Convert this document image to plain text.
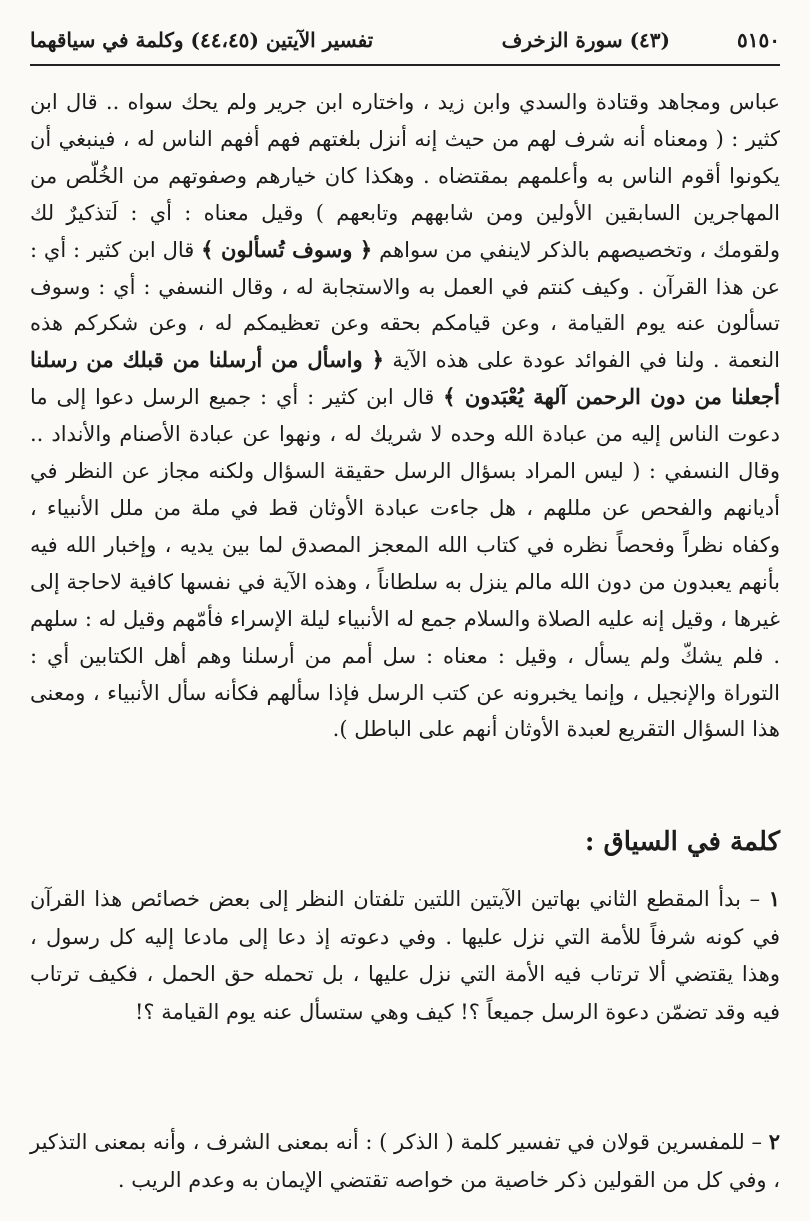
٥١٥٠
(٤٣) سورة الزخرف
تفسير الآيتين (٤٤،٤٥) وكلمة في سياقهما

عباس ومجاهد وقتادة والسدي وابن زيد ، واختاره ابن جرير ولم يحك سواه .. قال ابن كثير : ( ومعناه أنه شرف لهم من حيث إنه أنزل بلغتهم فهم أفهم الناس له ، فينبغي أن يكونوا أقوم الناس به وأعلمهم بمقتضاه . وهكذا كان خيارهم وصفوتهم من الخُلّص من المهاجرين السابقين الأولين ومن شابههم وتابعهم ) وقيل معناه : أي : لَتذكيرٌ لك ولقومك ، وتخصيصهم بالذكر لاينفي من سواهم ﴿ وسوف تُسألون ﴾ قال ابن كثير : أي : عن هذا القرآن . وكيف كنتم في العمل به والاستجابة له ، وقال النسفي : أي : وسوف تسألون عنه يوم القيامة ، وعن قيامكم بحقه وعن تعظيمكم له ، وعن شكركم هذه النعمة . ولنا في الفوائد عودة على هذه الآية ﴿ واسأل من أرسلنا من قبلك من رسلنا أجعلنا من دون الرحمن آلهة يُعْبَدون ﴾ قال ابن كثير : أي : جميع الرسل دعوا إلى ما دعوت الناس إليه من عبادة الله وحده لا شريك له ، ونهوا عن عبادة الأصنام والأنداد .. وقال النسفي : ( ليس المراد بسؤال الرسل حقيقة السؤال ولكنه مجاز عن النظر في أديانهم والفحص عن مللهم ، هل جاءت عبادة الأوثان قط في ملة من ملل الأنبياء ، وكفاه نظراً وفحصاً نظره في كتاب الله المعجز المصدق لما بين يديه ، وإخبار الله فيه بأنهم يعبدون من دون الله مالم ينزل به سلطاناً ، وهذه الآية في نفسها كافية لاحاجة إلى غيرها ، وقيل إنه عليه الصلاة والسلام جمع له الأنبياء ليلة الإسراء فأمّهم وقيل له : سلهم . فلم يشكّ ولم يسأل ، وقيل : معناه : سل أمم من أرسلنا وهم أهل الكتابين أي : التوراة والإنجيل ، وإنما يخبرونه عن كتب الرسل فإذا سألهم فكأنه سأل الأنبياء ، ومعنى هذا السؤال التقريع لعبدة الأوثان أنهم على الباطل ).

كلمة في السياق :
١ – بدأ المقطع الثاني بهاتين الآيتين اللتين تلفتان النظر إلى بعض خصائص هذا القرآن في كونه شرفاً للأمة التي نزل عليها . وفي دعوته إذ دعا إلى مادعا إليه كل رسول ، وهذا يقتضي ألا ترتاب فيه الأمة التي نزل عليها ، بل تحمله حق الحمل ، فكيف ترتاب فيه وقد تضمّن دعوة الرسل جميعاً ؟! كيف وهي ستسأل عنه يوم القيامة ؟!
٢ – للمفسرين قولان في تفسير كلمة ( الذكر ) : أنه بمعنى الشرف ، وأنه بمعنى التذكير ، وفي كل من القولين ذكر خاصية من خواصه تقتضي الإيمان به وعدم الريب .
